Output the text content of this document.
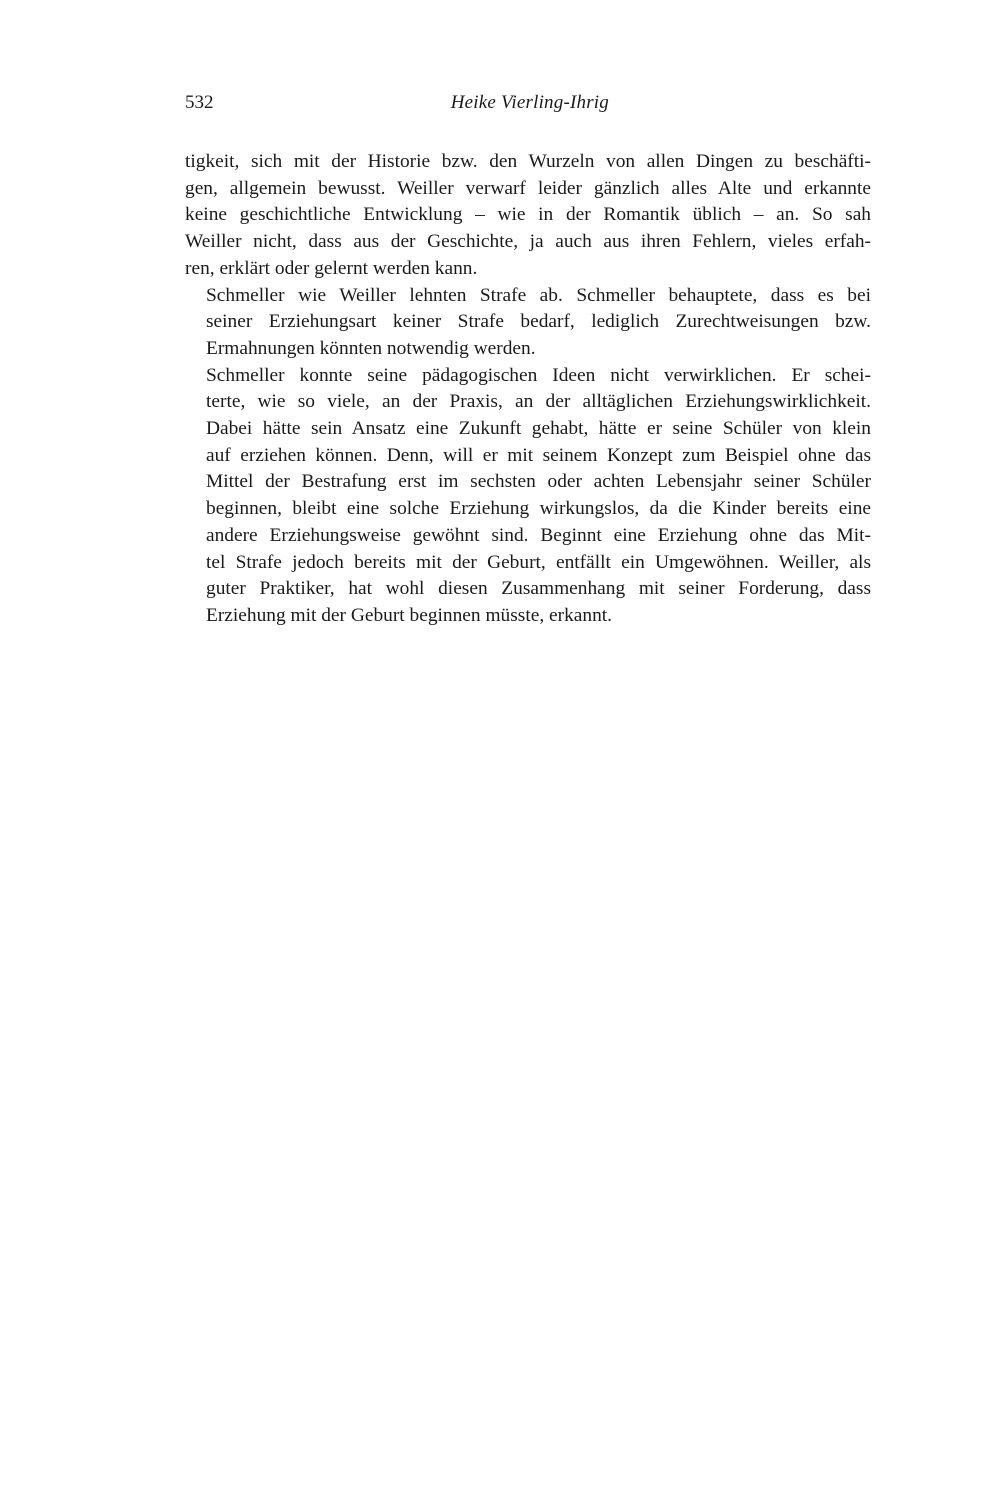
532	Heike Vierling-Ihrig

tigkeit, sich mit der Historie bzw. den Wurzeln von allen Dingen zu beschäfti-
gen, allgemein bewusst. Weiller verwarf leider gänzlich alles Alte und erkannte
keine geschichtliche Entwicklung – wie in der Romantik üblich – an. So sah
Weiller nicht, dass aus der Geschichte, ja auch aus ihren Fehlern, vieles erfah-
ren, erklärt oder gelernt werden kann.

Schmeller wie Weiller lehnten Strafe ab. Schmeller behauptete, dass es bei
seiner Erziehungsart keiner Strafe bedarf, lediglich Zurechtweisungen bzw.
Ermahnungen könnten notwendig werden.

Schmeller konnte seine pädagogischen Ideen nicht verwirklichen. Er schei-
terte, wie so viele, an der Praxis, an der alltäglichen Erziehungswirklichkeit.
Dabei hätte sein Ansatz eine Zukunft gehabt, hätte er seine Schüler von klein
auf erziehen können. Denn, will er mit seinem Konzept zum Beispiel ohne das
Mittel der Bestrafung erst im sechsten oder achten Lebensjahr seiner Schüler
beginnen, bleibt eine solche Erziehung wirkungslos, da die Kinder bereits eine
andere Erziehungsweise gewöhnt sind. Beginnt eine Erziehung ohne das Mit-
tel Strafe jedoch bereits mit der Geburt, entfällt ein Umgewöhnen. Weiller, als
guter Praktiker, hat wohl diesen Zusammenhang mit seiner Forderung, dass
Erziehung mit der Geburt beginnen müsste, erkannt.
